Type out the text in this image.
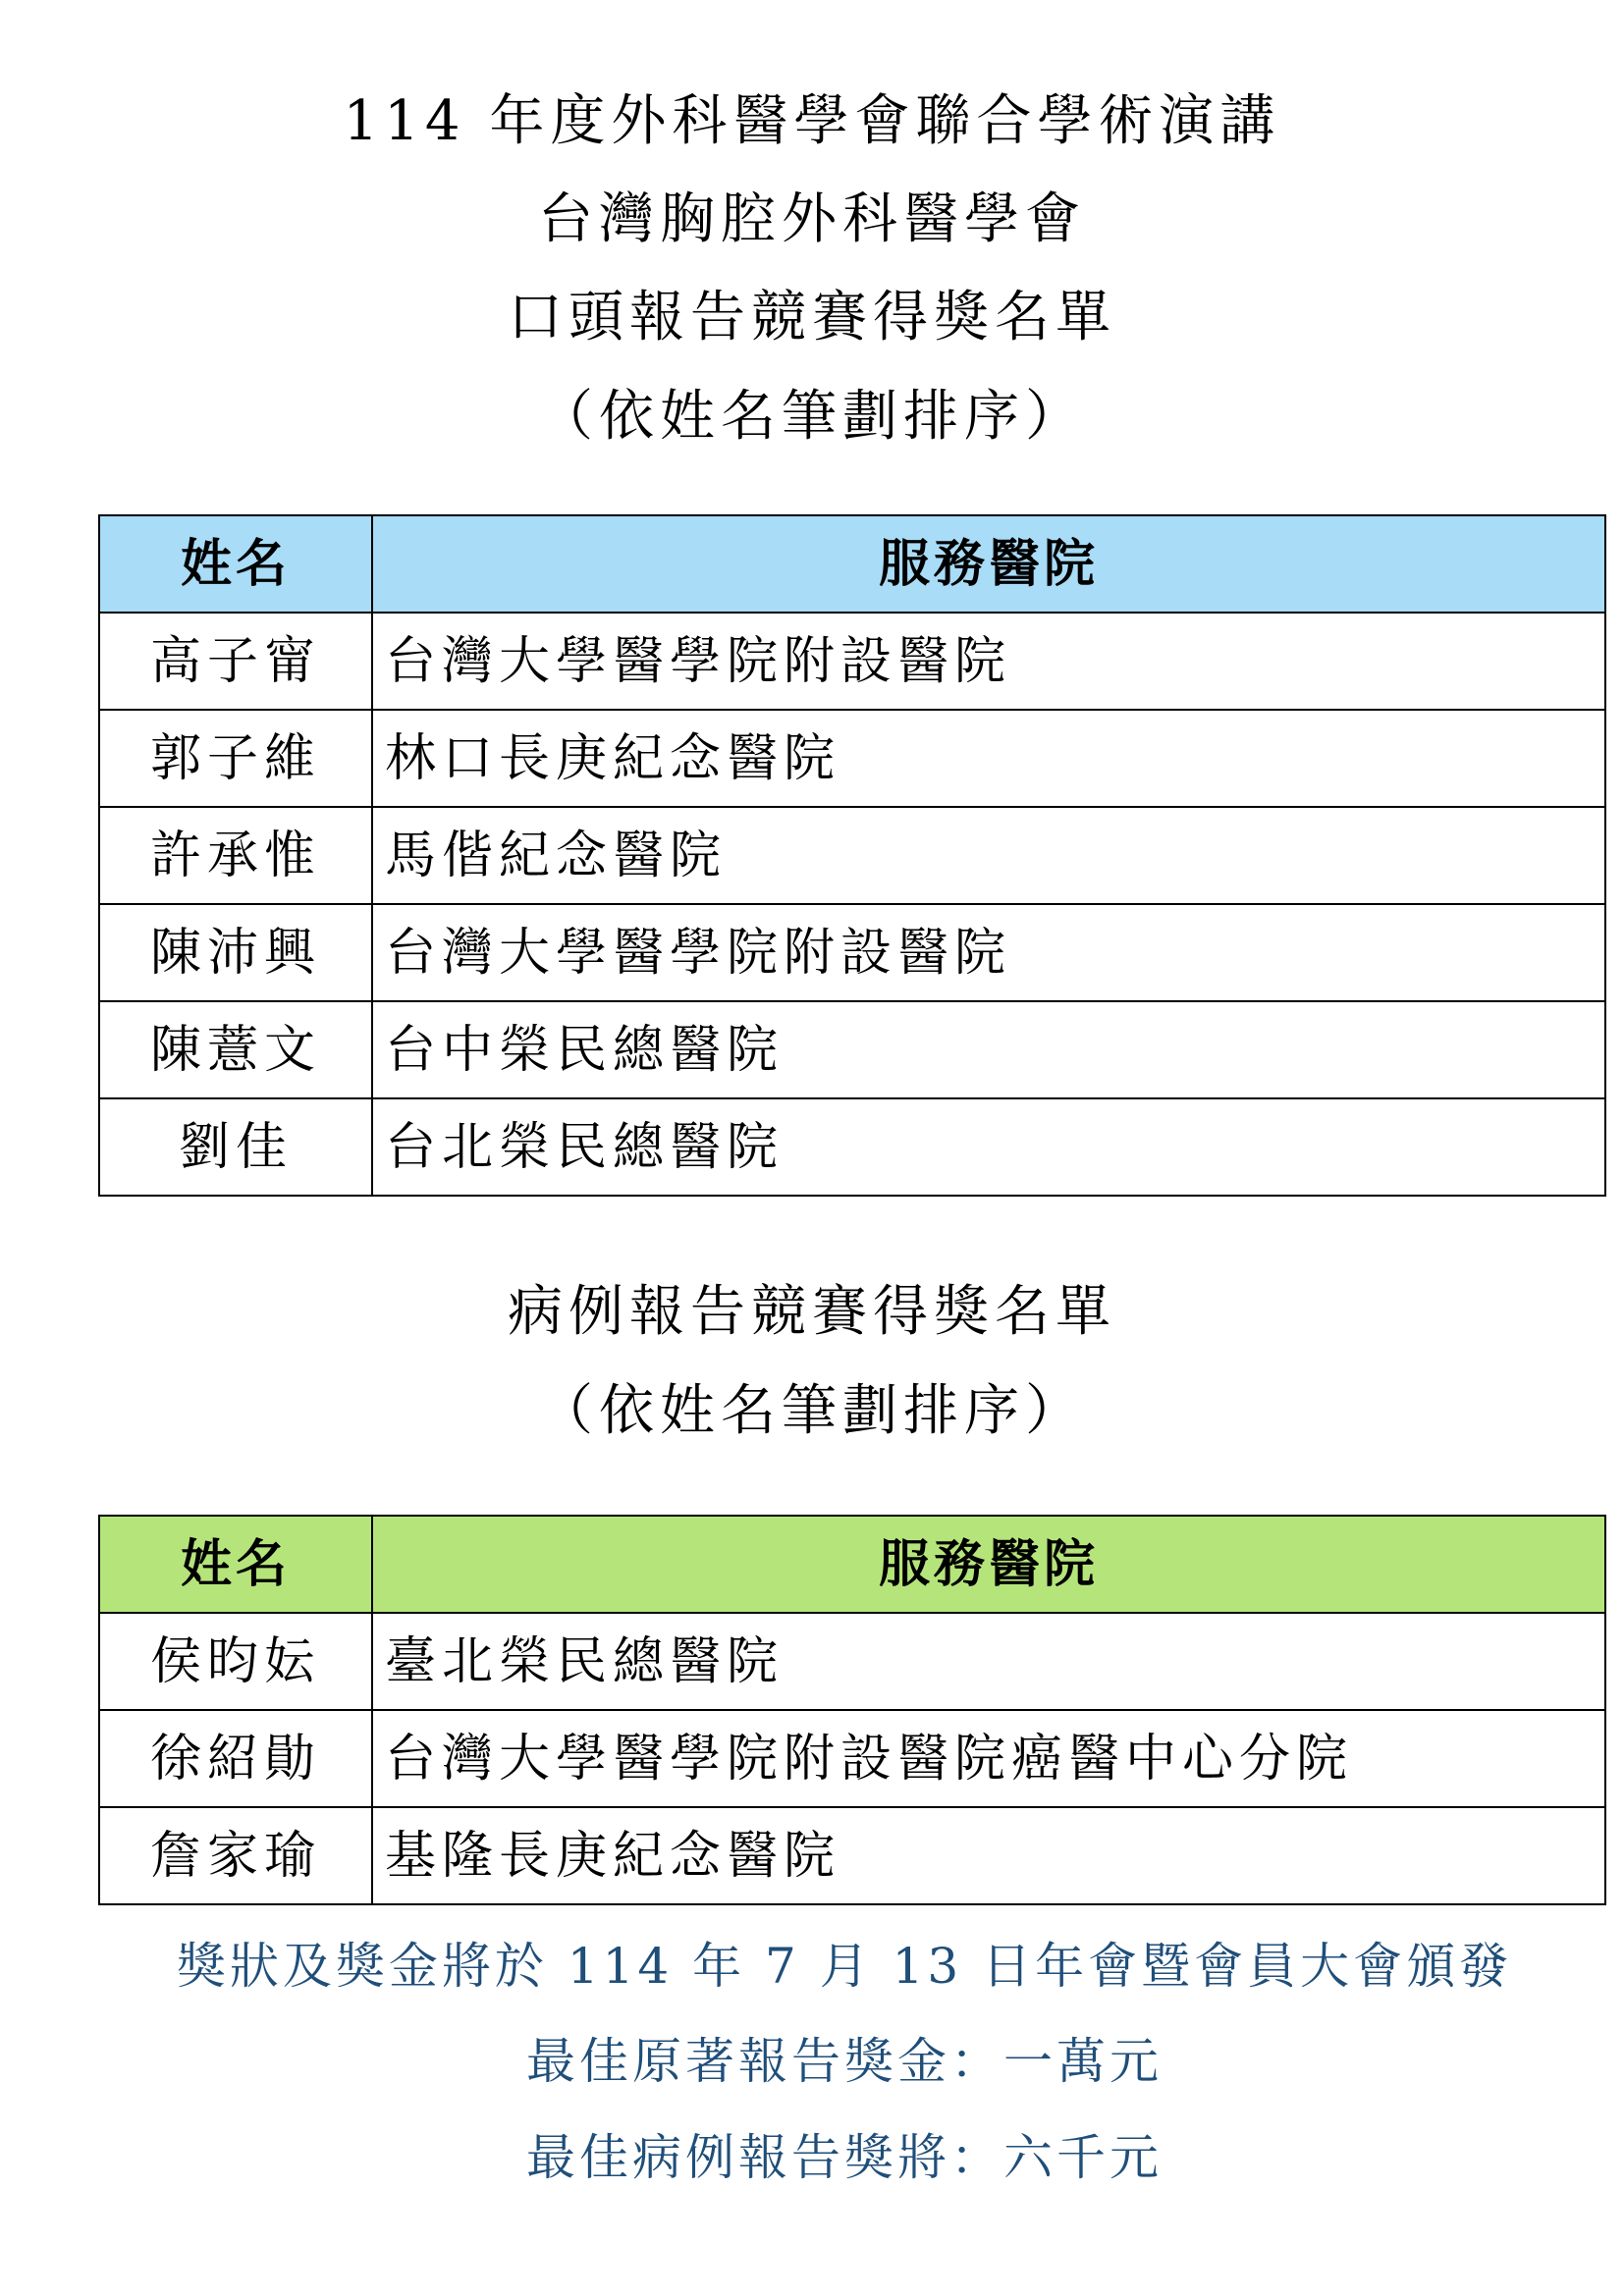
114 年度外科醫學會聯合學術演講
台灣胸腔外科醫學會
口頭報告競賽得獎名單
（依姓名筆劃排序）
姓名	服務醫院
高子甯	台灣大學醫學院附設醫院
郭子維	林口長庚紀念醫院
許承惟	馬偕紀念醫院
陳沛興	台灣大學醫學院附設醫院
陳薏文	台中榮民總醫院
劉佳	台北榮民總醫院
病例報告競賽得獎名單
（依姓名筆劃排序）
姓名	服務醫院
侯昀妘	臺北榮民總醫院
徐紹勛	台灣大學醫學院附設醫院癌醫中心分院
詹家瑜	基隆長庚紀念醫院
獎狀及獎金將於 114 年 7 月 13 日年會暨會員大會頒發
最佳原著報告獎金：一萬元
最佳病例報告獎將：六千元
